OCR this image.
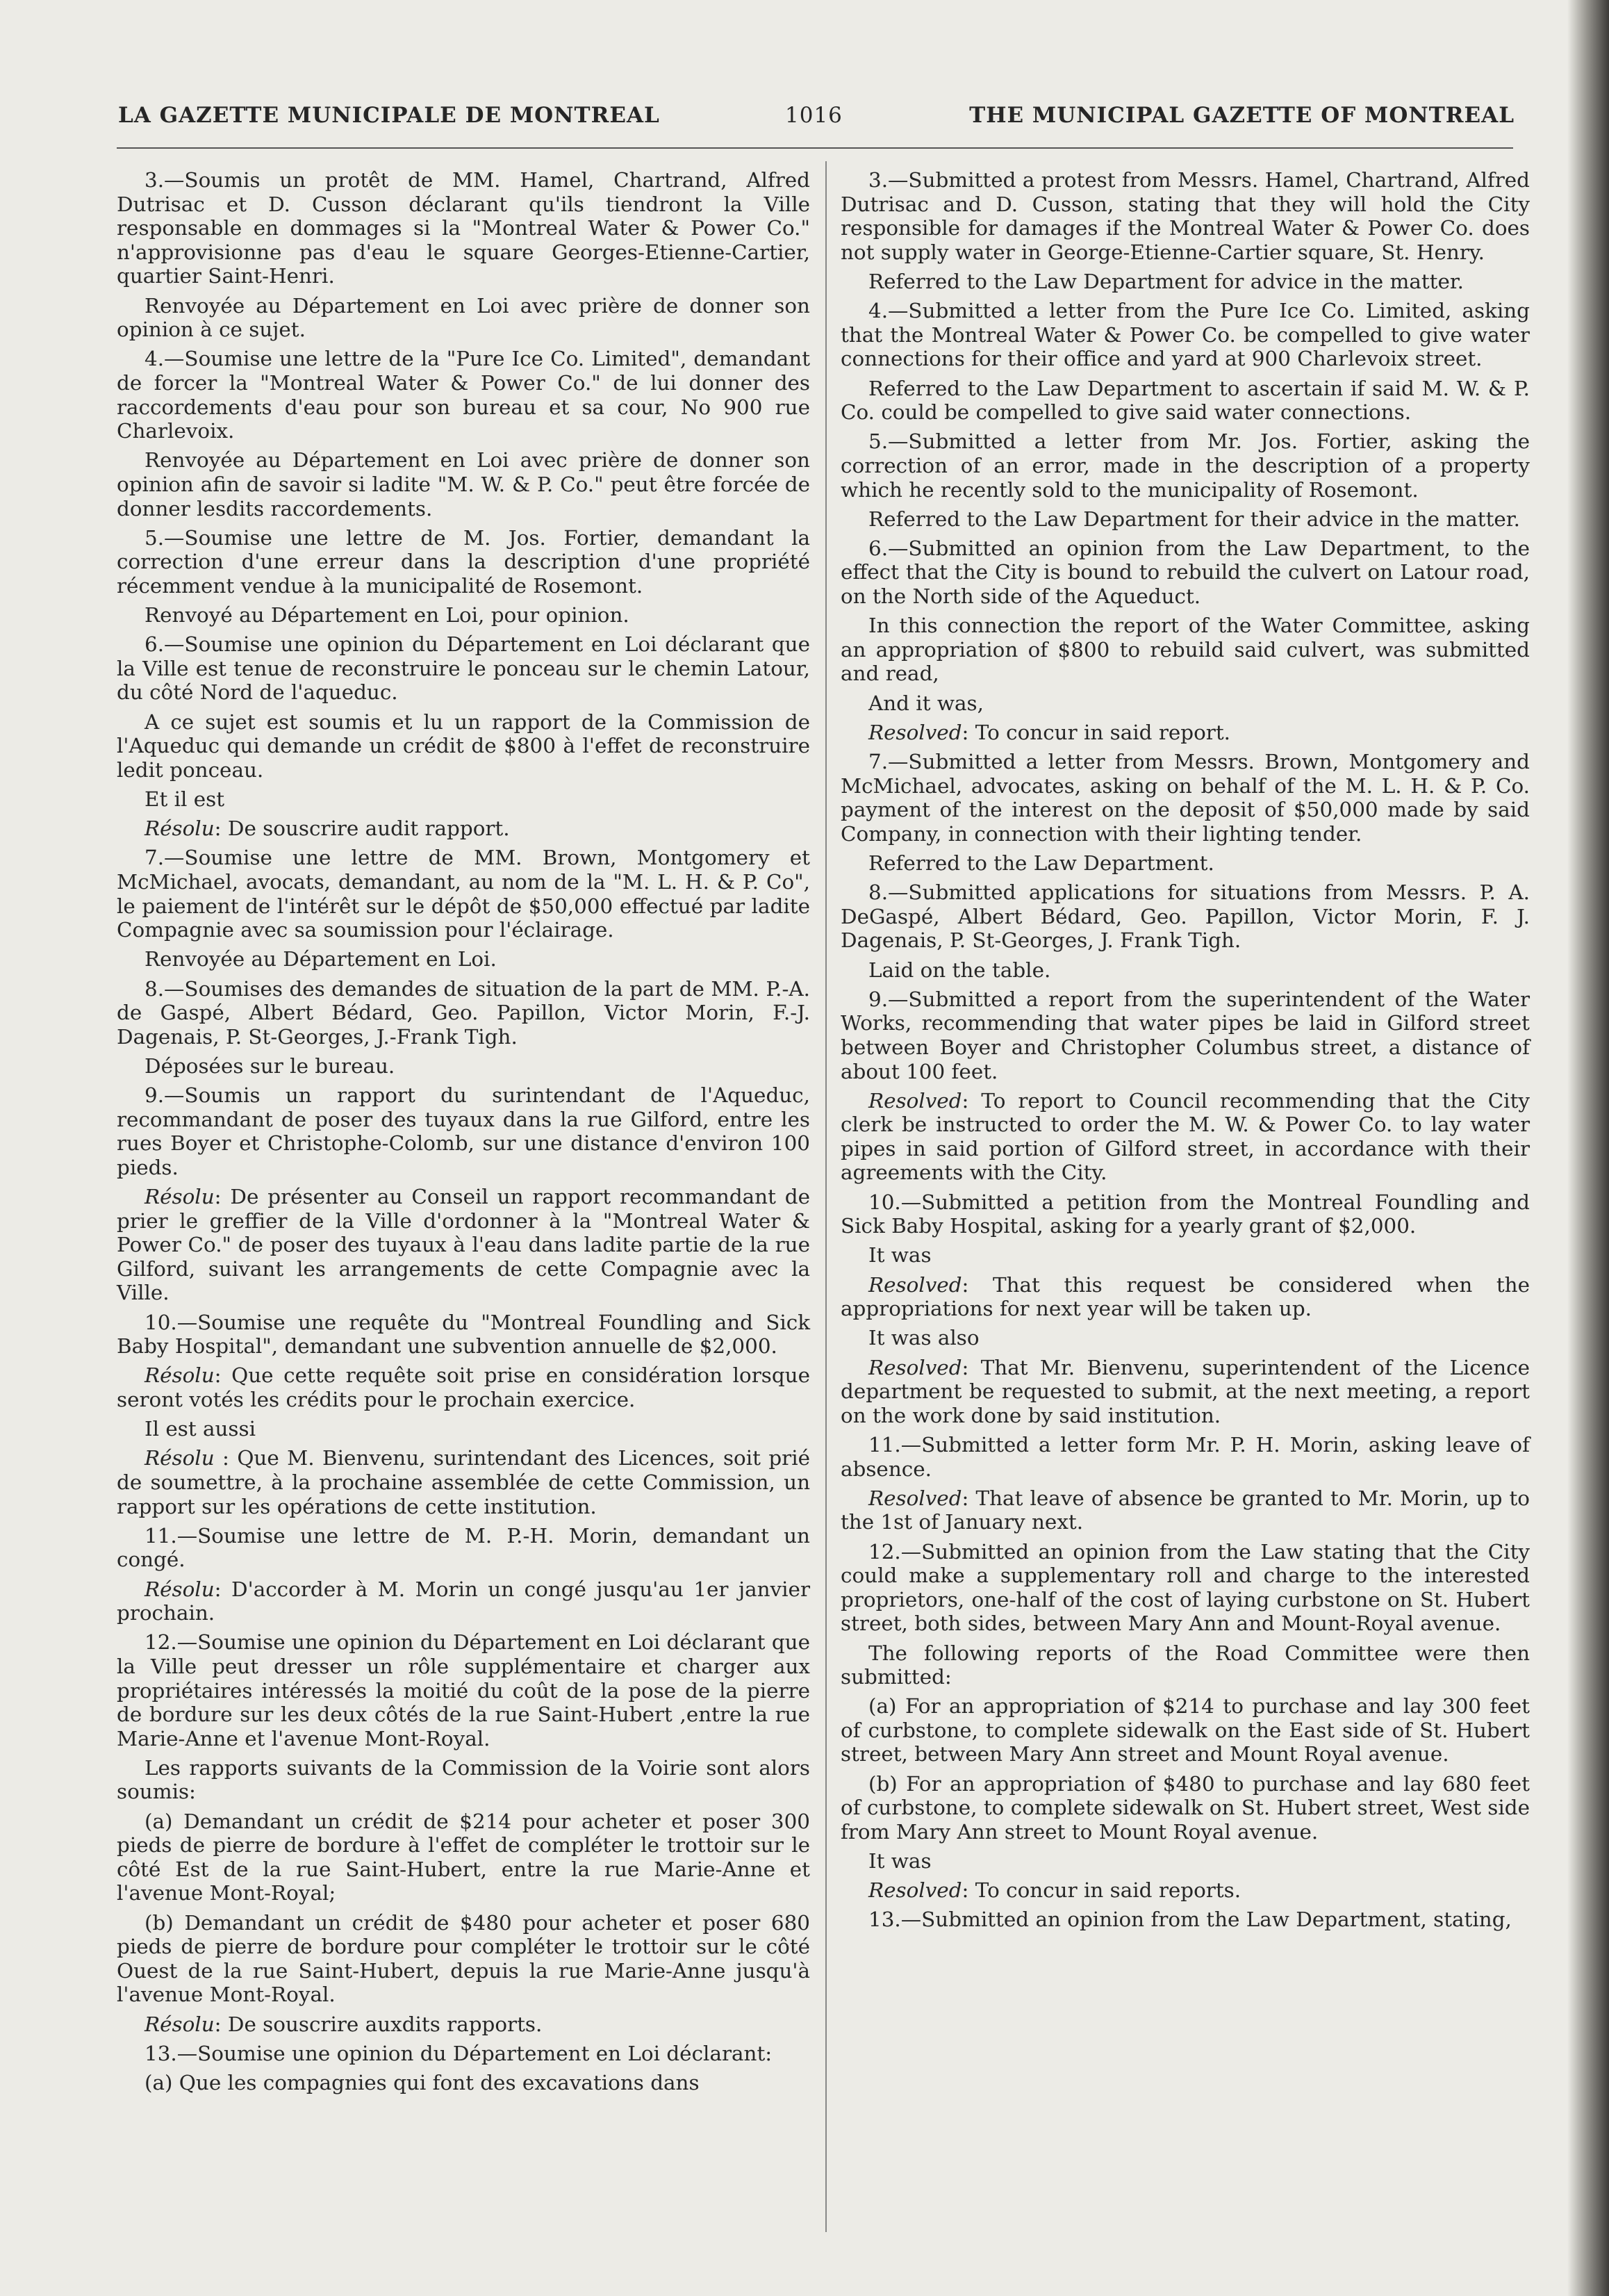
LA GAZETTE MUNICIPALE DE MONTREAL	1016	THE MUNICIPAL GAZETTE OF MONTREAL
3.—Soumis un protêt de MM. Hamel, Chartrand, Alfred Dutrisac et D. Cusson déclarant qu'ils tiendront la Ville responsable en dommages si la "Montreal Water & Power Co." n'approvisionne pas d'eau le square Georges-Etienne-Cartier, quartier Saint-Henri.
Renvoyée au Département en Loi avec prière de donner son opinion à ce sujet.
4.—Soumise une lettre de la "Pure Ice Co. Limited", demandant de forcer la "Montreal Water & Power Co." de lui donner des raccordements d'eau pour son bureau et sa cour, No 900 rue Charlevoix.
Renvoyée au Département en Loi avec prière de donner son opinion afin de savoir si ladite "M. W. & P. Co." peut être forcée de donner lesdits raccordements.
5.—Soumise une lettre de M. Jos. Fortier, demandant la correction d'une erreur dans la description d'une propriété récemment vendue à la municipalité de Rosemont.
Renvoyé au Département en Loi, pour opinion.
6.—Soumise une opinion du Département en Loi déclarant que la Ville est tenue de reconstruire le ponceau sur le chemin Latour, du côté Nord de l'aqueduc.
A ce sujet est soumis et lu un rapport de la Commission de l'Aqueduc qui demande un crédit de $800 à l'effet de reconstruire ledit ponceau.
Et il est
Résolu: De souscrire audit rapport.
7.—Soumise une lettre de MM. Brown, Montgomery et McMichael, avocats, demandant, au nom de la "M. L. H. & P. Co", le paiement de l'intérêt sur le dépôt de $50,000 effectué par ladite Compagnie avec sa soumission pour l'éclairage.
Renvoyée au Département en Loi.
8.—Soumises des demandes de situation de la part de MM. P.-A. de Gaspé, Albert Bédard, Geo. Papillon, Victor Morin, F.-J. Dagenais, P. St-Georges, J.-Frank Tigh.
Déposées sur le bureau.
9.—Soumis un rapport du surintendant de l'Aqueduc, recommandant de poser des tuyaux dans la rue Gilford, entre les rues Boyer et Christophe-Colomb, sur une distance d'environ 100 pieds.
Résolu: De présenter au Conseil un rapport recommandant de prier le greffier de la Ville d'ordonner à la "Montreal Water & Power Co." de poser des tuyaux à l'eau dans ladite partie de la rue Gilford, suivant les arrangements de cette Compagnie avec la Ville.
10.—Soumise une requête du "Montreal Foundling and Sick Baby Hospital", demandant une subvention annuelle de $2,000.
Résolu: Que cette requête soit prise en considération lorsque seront votés les crédits pour le prochain exercice.
Il est aussi
Résolu : Que M. Bienvenu, surintendant des Licences, soit prié de soumettre, à la prochaine assemblée de cette Commission, un rapport sur les opérations de cette institution.
11.—Soumise une lettre de M. P.-H. Morin, demandant un congé.
Résolu: D'accorder à M. Morin un congé jusqu'au 1er janvier prochain.
12.—Soumise une opinion du Département en Loi déclarant que la Ville peut dresser un rôle supplémentaire et charger aux propriétaires intéressés la moitié du coût de la pose de la pierre de bordure sur les deux côtés de la rue Saint-Hubert ,entre la rue Marie-Anne et l'avenue Mont-Royal.
Les rapports suivants de la Commission de la Voirie sont alors soumis:
(a) Demandant un crédit de $214 pour acheter et poser 300 pieds de pierre de bordure à l'effet de compléter le trottoir sur le côté Est de la rue Saint-Hubert, entre la rue Marie-Anne et l'avenue Mont-Royal;
(b) Demandant un crédit de $480 pour acheter et poser 680 pieds de pierre de bordure pour compléter le trottoir sur le côté Ouest de la rue Saint-Hubert, depuis la rue Marie-Anne jusqu'à l'avenue Mont-Royal.
Résolu: De souscrire auxdits rapports.
13.—Soumise une opinion du Département en Loi déclarant:
(a) Que les compagnies qui font des excavations dans
3.—Submitted a protest from Messrs. Hamel, Chartrand, Alfred Dutrisac and D. Cusson, stating that they will hold the City responsible for damages if the Montreal Water & Power Co. does not supply water in George-Etienne-Cartier square, St. Henry.
Referred to the Law Department for advice in the matter.
4.—Submitted a letter from the Pure Ice Co. Limited, asking that the Montreal Water & Power Co. be compelled to give water connections for their office and yard at 900 Charlevoix street.
Referred to the Law Department to ascertain if said M. W. & P. Co. could be compelled to give said water connections.
5.—Submitted a letter from Mr. Jos. Fortier, asking the correction of an error, made in the description of a property which he recently sold to the municipality of Rosemont.
Referred to the Law Department for their advice in the matter.
6.—Submitted an opinion from the Law Department, to the effect that the City is bound to rebuild the culvert on Latour road, on the North side of the Aqueduct.
In this connection the report of the Water Committee, asking an appropriation of $800 to rebuild said culvert, was submitted and read,
And it was,
Resolved: To concur in said report.
7.—Submitted a letter from Messrs. Brown, Montgomery and McMichael, advocates, asking on behalf of the M. L. H. & P. Co. payment of the interest on the deposit of $50,000 made by said Company, in connection with their lighting tender.
Referred to the Law Department.
8.—Submitted applications for situations from Messrs. P. A. DeGaspé, Albert Bédard, Geo. Papillon, Victor Morin, F. J. Dagenais, P. St-Georges, J. Frank Tigh.
Laid on the table.
9.—Submitted a report from the superintendent of the Water Works, recommending that water pipes be laid in Gilford street between Boyer and Christopher Columbus street, a distance of about 100 feet.
Resolved: To report to Council recommending that the City clerk be instructed to order the M. W. & Power Co. to lay water pipes in said portion of Gilford street, in accordance with their agreements with the City.
10.—Submitted a petition from the Montreal Foundling and Sick Baby Hospital, asking for a yearly grant of $2,000.
It was
Resolved: That this request be considered when the appropriations for next year will be taken up.
It was also
Resolved: That Mr. Bienvenu, superintendent of the Licence department be requested to submit, at the next meeting, a report on the work done by said institution.
11.—Submitted a letter form Mr. P. H. Morin, asking leave of absence.
Resolved: That leave of absence be granted to Mr. Morin, up to the 1st of January next.
12.—Submitted an opinion from the Law stating that the City could make a supplementary roll and charge to the interested proprietors, one-half of the cost of laying curbstone on St. Hubert street, both sides, between Mary Ann and Mount-Royal avenue.
The following reports of the Road Committee were then submitted:
(a) For an appropriation of $214 to purchase and lay 300 feet of curbstone, to complete sidewalk on the East side of St. Hubert street, between Mary Ann street and Mount Royal avenue.
(b) For an appropriation of $480 to purchase and lay 680 feet of curbstone, to complete sidewalk on St. Hubert street, West side from Mary Ann street to Mount Royal avenue.
It was
Resolved: To concur in said reports.
13.—Submitted an opinion from the Law Department, stating,
